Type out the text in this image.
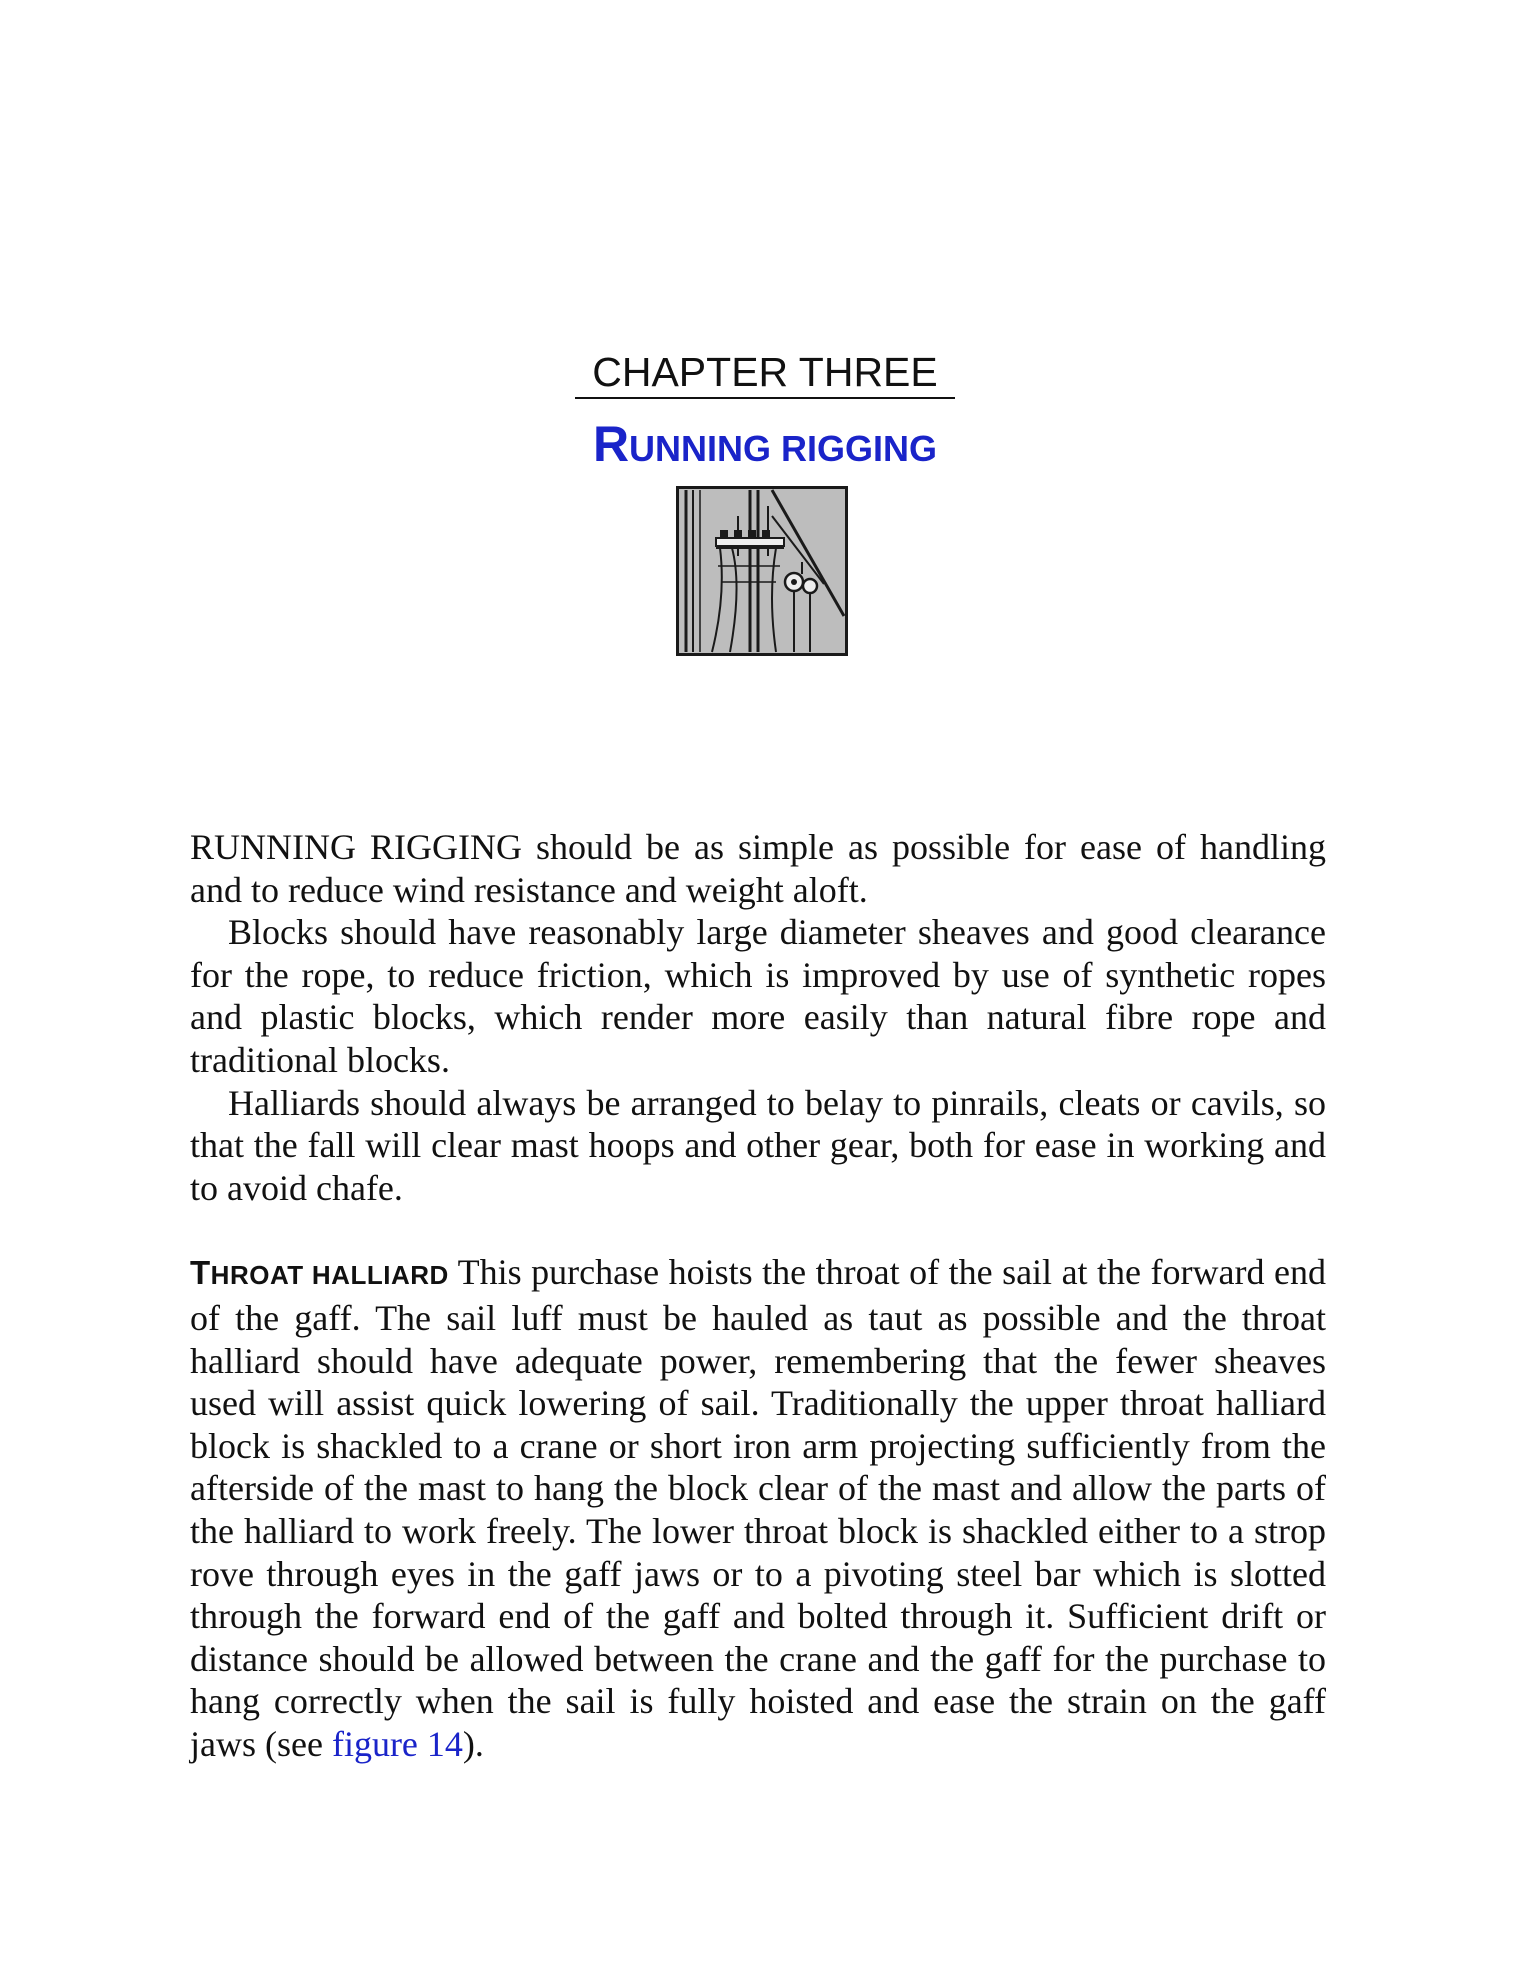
CHAPTER THREE
RUNNING RIGGING

RUNNING RIGGING should be as simple as possible for ease of handling and to reduce wind resistance and weight aloft.

Blocks should have reasonably large diameter sheaves and good clearance for the rope, to reduce friction, which is improved by use of synthetic ropes and plastic blocks, which render more easily than natural fibre rope and traditional blocks.

Halliards should always be arranged to belay to pinrails, cleats or cavils, so that the fall will clear mast hoops and other gear, both for ease in working and to avoid chafe.

THROAT HALLIARD This purchase hoists the throat of the sail at the forward end of the gaff. The sail luff must be hauled as taut as possible and the throat halliard should have adequate power, remembering that the fewer sheaves used will assist quick lowering of sail. Traditionally the upper throat halliard block is shackled to a crane or short iron arm projecting sufficiently from the afterside of the mast to hang the block clear of the mast and allow the parts of the halliard to work freely. The lower throat block is shackled either to a strop rove through eyes in the gaff jaws or to a pivoting steel bar which is slotted through the forward end of the gaff and bolted through it. Sufficient drift or distance should be allowed between the crane and the gaff for the purchase to hang correctly when the sail is fully hoisted and ease the strain on the gaff jaws (see figure 14).
